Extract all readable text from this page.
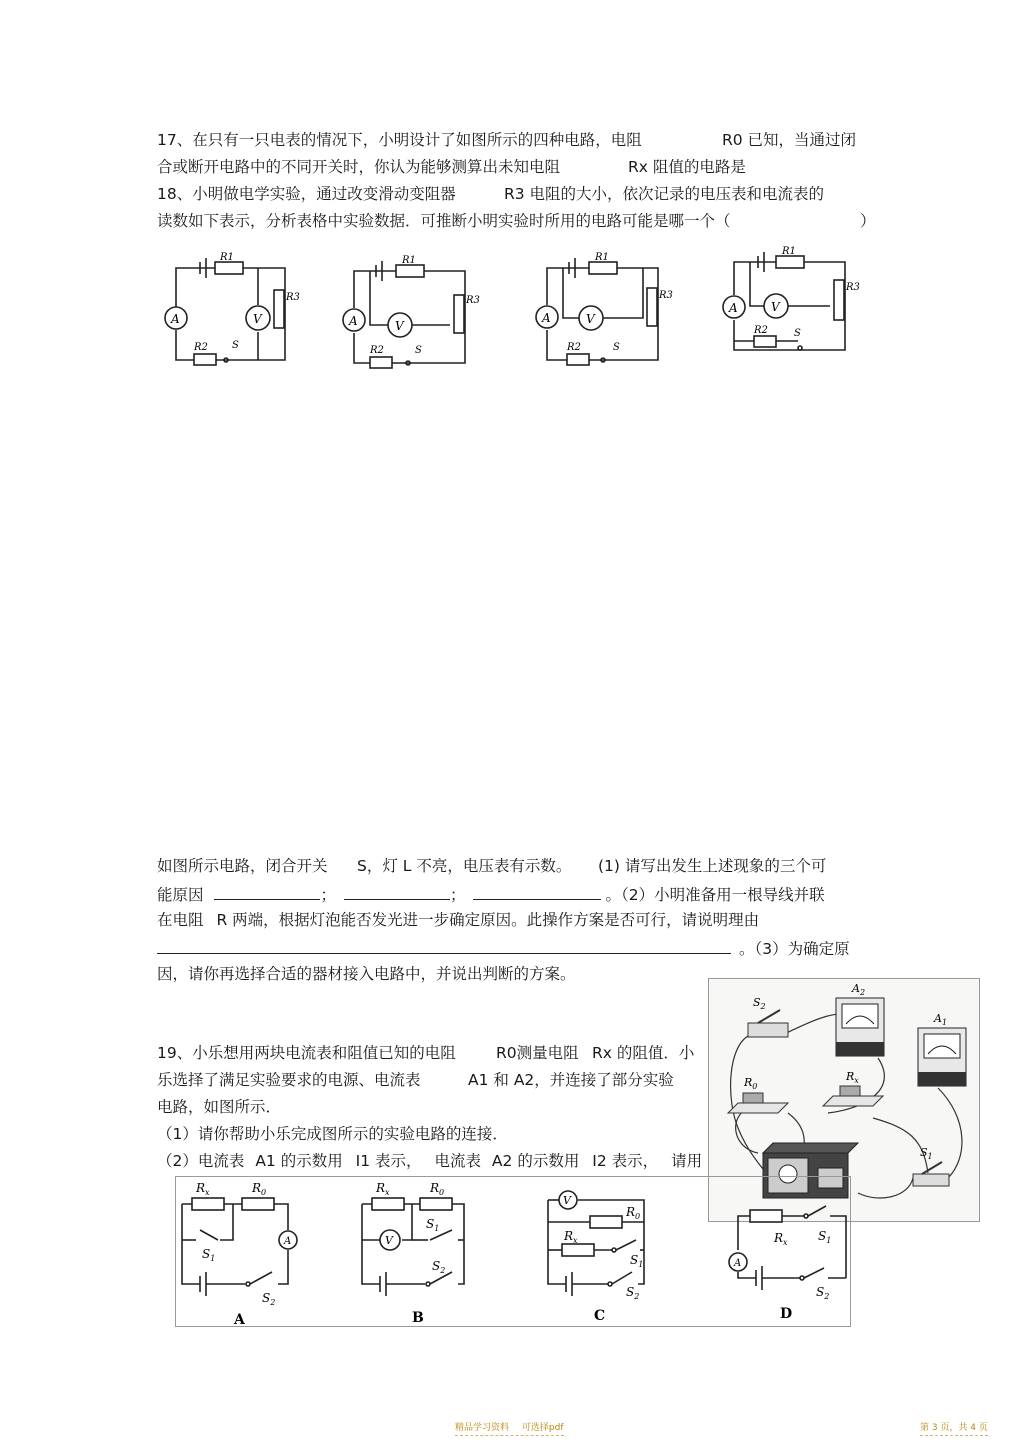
17、在只有一只电表的情况下，小明设计了如图所示的四种电路，电阻	R0 已知，当通过闭
合或断开电路中的不同开关时，你认为能够测算出未知电阻	Rx 阻值的电路是
18、小明做电学实验，通过改变滑动变阻器	R3 电阻的大小，依次记录的电压表和电流表的
读数如下表示，分析表格中实验数据．可推断小明实验时所用的电路可能是哪一个（	）
A	V
R1
R3
R2 S
A	V
R1
R3
R2	S
A	V
R1
R3
R2	S
A	V
R1
R3
R2	S
如图所示电路，闭合开关 S，灯 L 不亮，电压表有示数。 (1) 请写出发生上述现象的三个可
能原因	；	；	。（2）小明准备用一根导线并联
在电阻 R 两端，根据灯泡能否发光进一步确定原因。此操作方案是否可行，请说明理由
。（3）为确定原
因，请你再选择合适的器材接入电路中，并说出判断的方案。
19、小乐想用两块电流表和阻值已知的电阻	R0测量电阻 Rx 的阻值．小
乐选择了满足实验要求的电源、电流表	A1 和 A2，并连接了部分实验
电路，如图所示．
（1）请你帮助小乐完成图所示的实验电路的连接．
（2）电流表 A1 的示数用 I1 表示， 电流表 A2 的示数用 I2 表示， 请用
$S_2$
$A_2$
$A_1$
$R_0$
$R_x$
$S_1$
$R_x$	$R_0$
$S_1$
$S_2$
A
$R_x$	$R_0$
$S_1$
$S_2$
V
V
$R_0$
$R_x$
$S_1$
$S_2$
A
$R_x$	$S_1$
$S_2$
A	B	C	D
精品学习资料 可选择pdf	第 3 页，共 4 页
